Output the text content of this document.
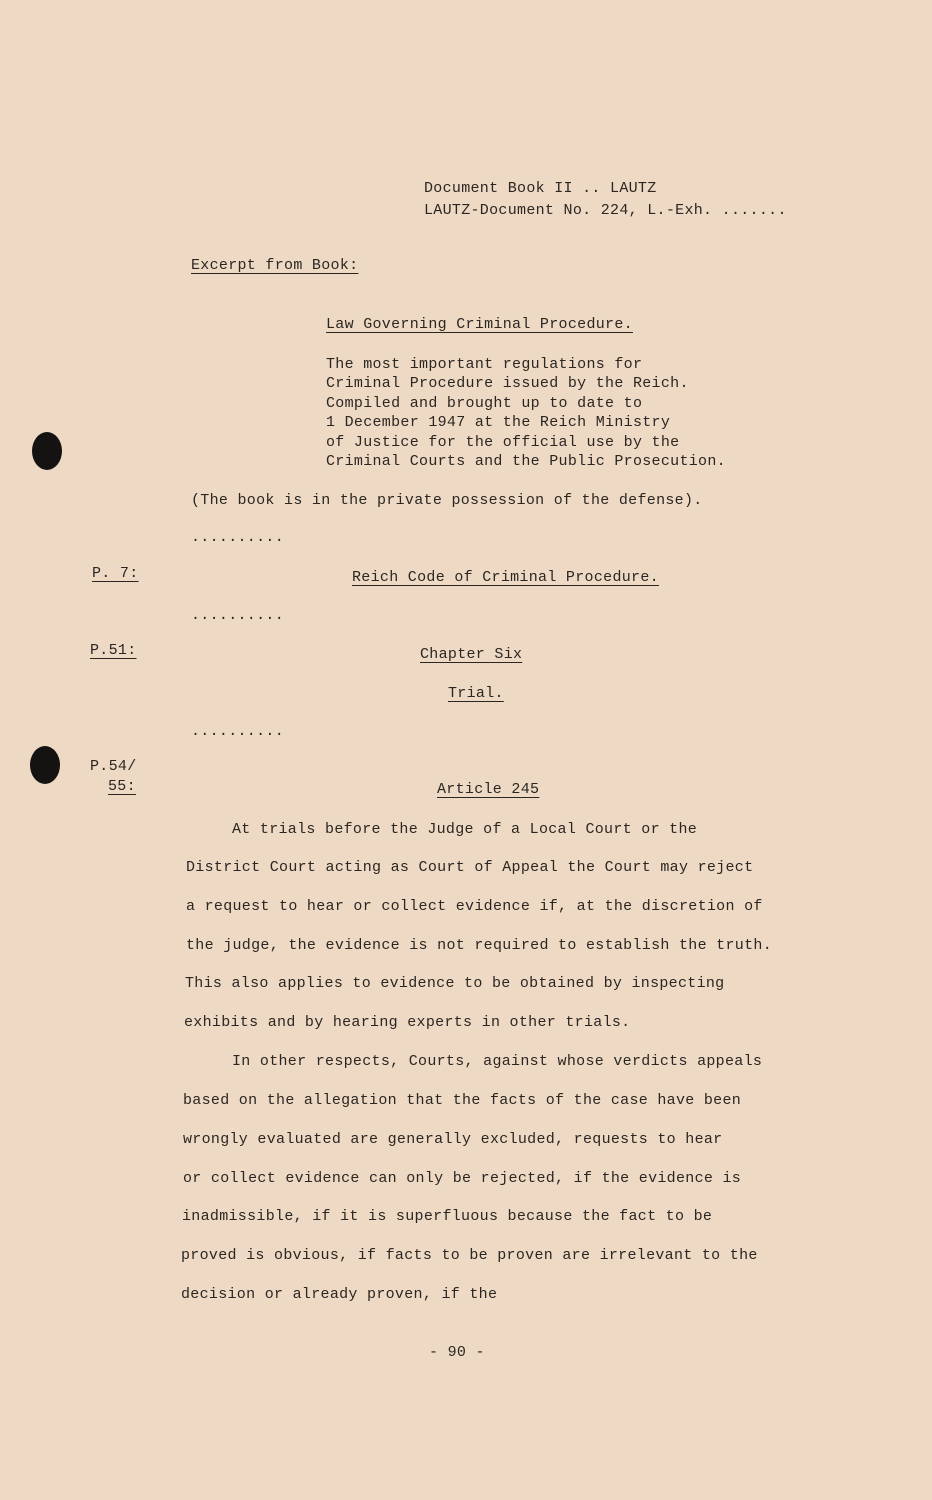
Document Book II .. LAUTZ
LAUTZ-Document No. 224, L.-Exh. .......
Excerpt from Book:
Law Governing Criminal Procedure.
The most important regulations for
Criminal Procedure issued by the Reich.
Compiled and brought up to date to
1 December 1947 at the Reich Ministry
of Justice for the official use by the
Criminal Courts and the Public Prosecution.
(The book is in the private possession of the defense).
..........
P. 7:	Reich Code of Criminal Procedure.
..........
P.51:	Chapter Six
Trial.
..........
P.54/
55:	Article 245
At trials before the Judge of a Local Court or the
District Court acting as Court of Appeal the Court may reject
a request to hear or collect evidence if, at the discretion of
the judge, the evidence is not required to establish the truth.
This also applies to evidence to be obtained by inspecting
exhibits and by hearing experts in other trials.
In other respects, Courts, against whose verdicts appeals
based on the allegation that the facts of the case have been
wrongly evaluated are generally excluded, requests to hear
or collect evidence can only be rejected, if the evidence is
inadmissible, if it is superfluous because the fact to be
proved is obvious, if facts to be proven are irrelevant to the
decision or already proven, if the
- 90 -
